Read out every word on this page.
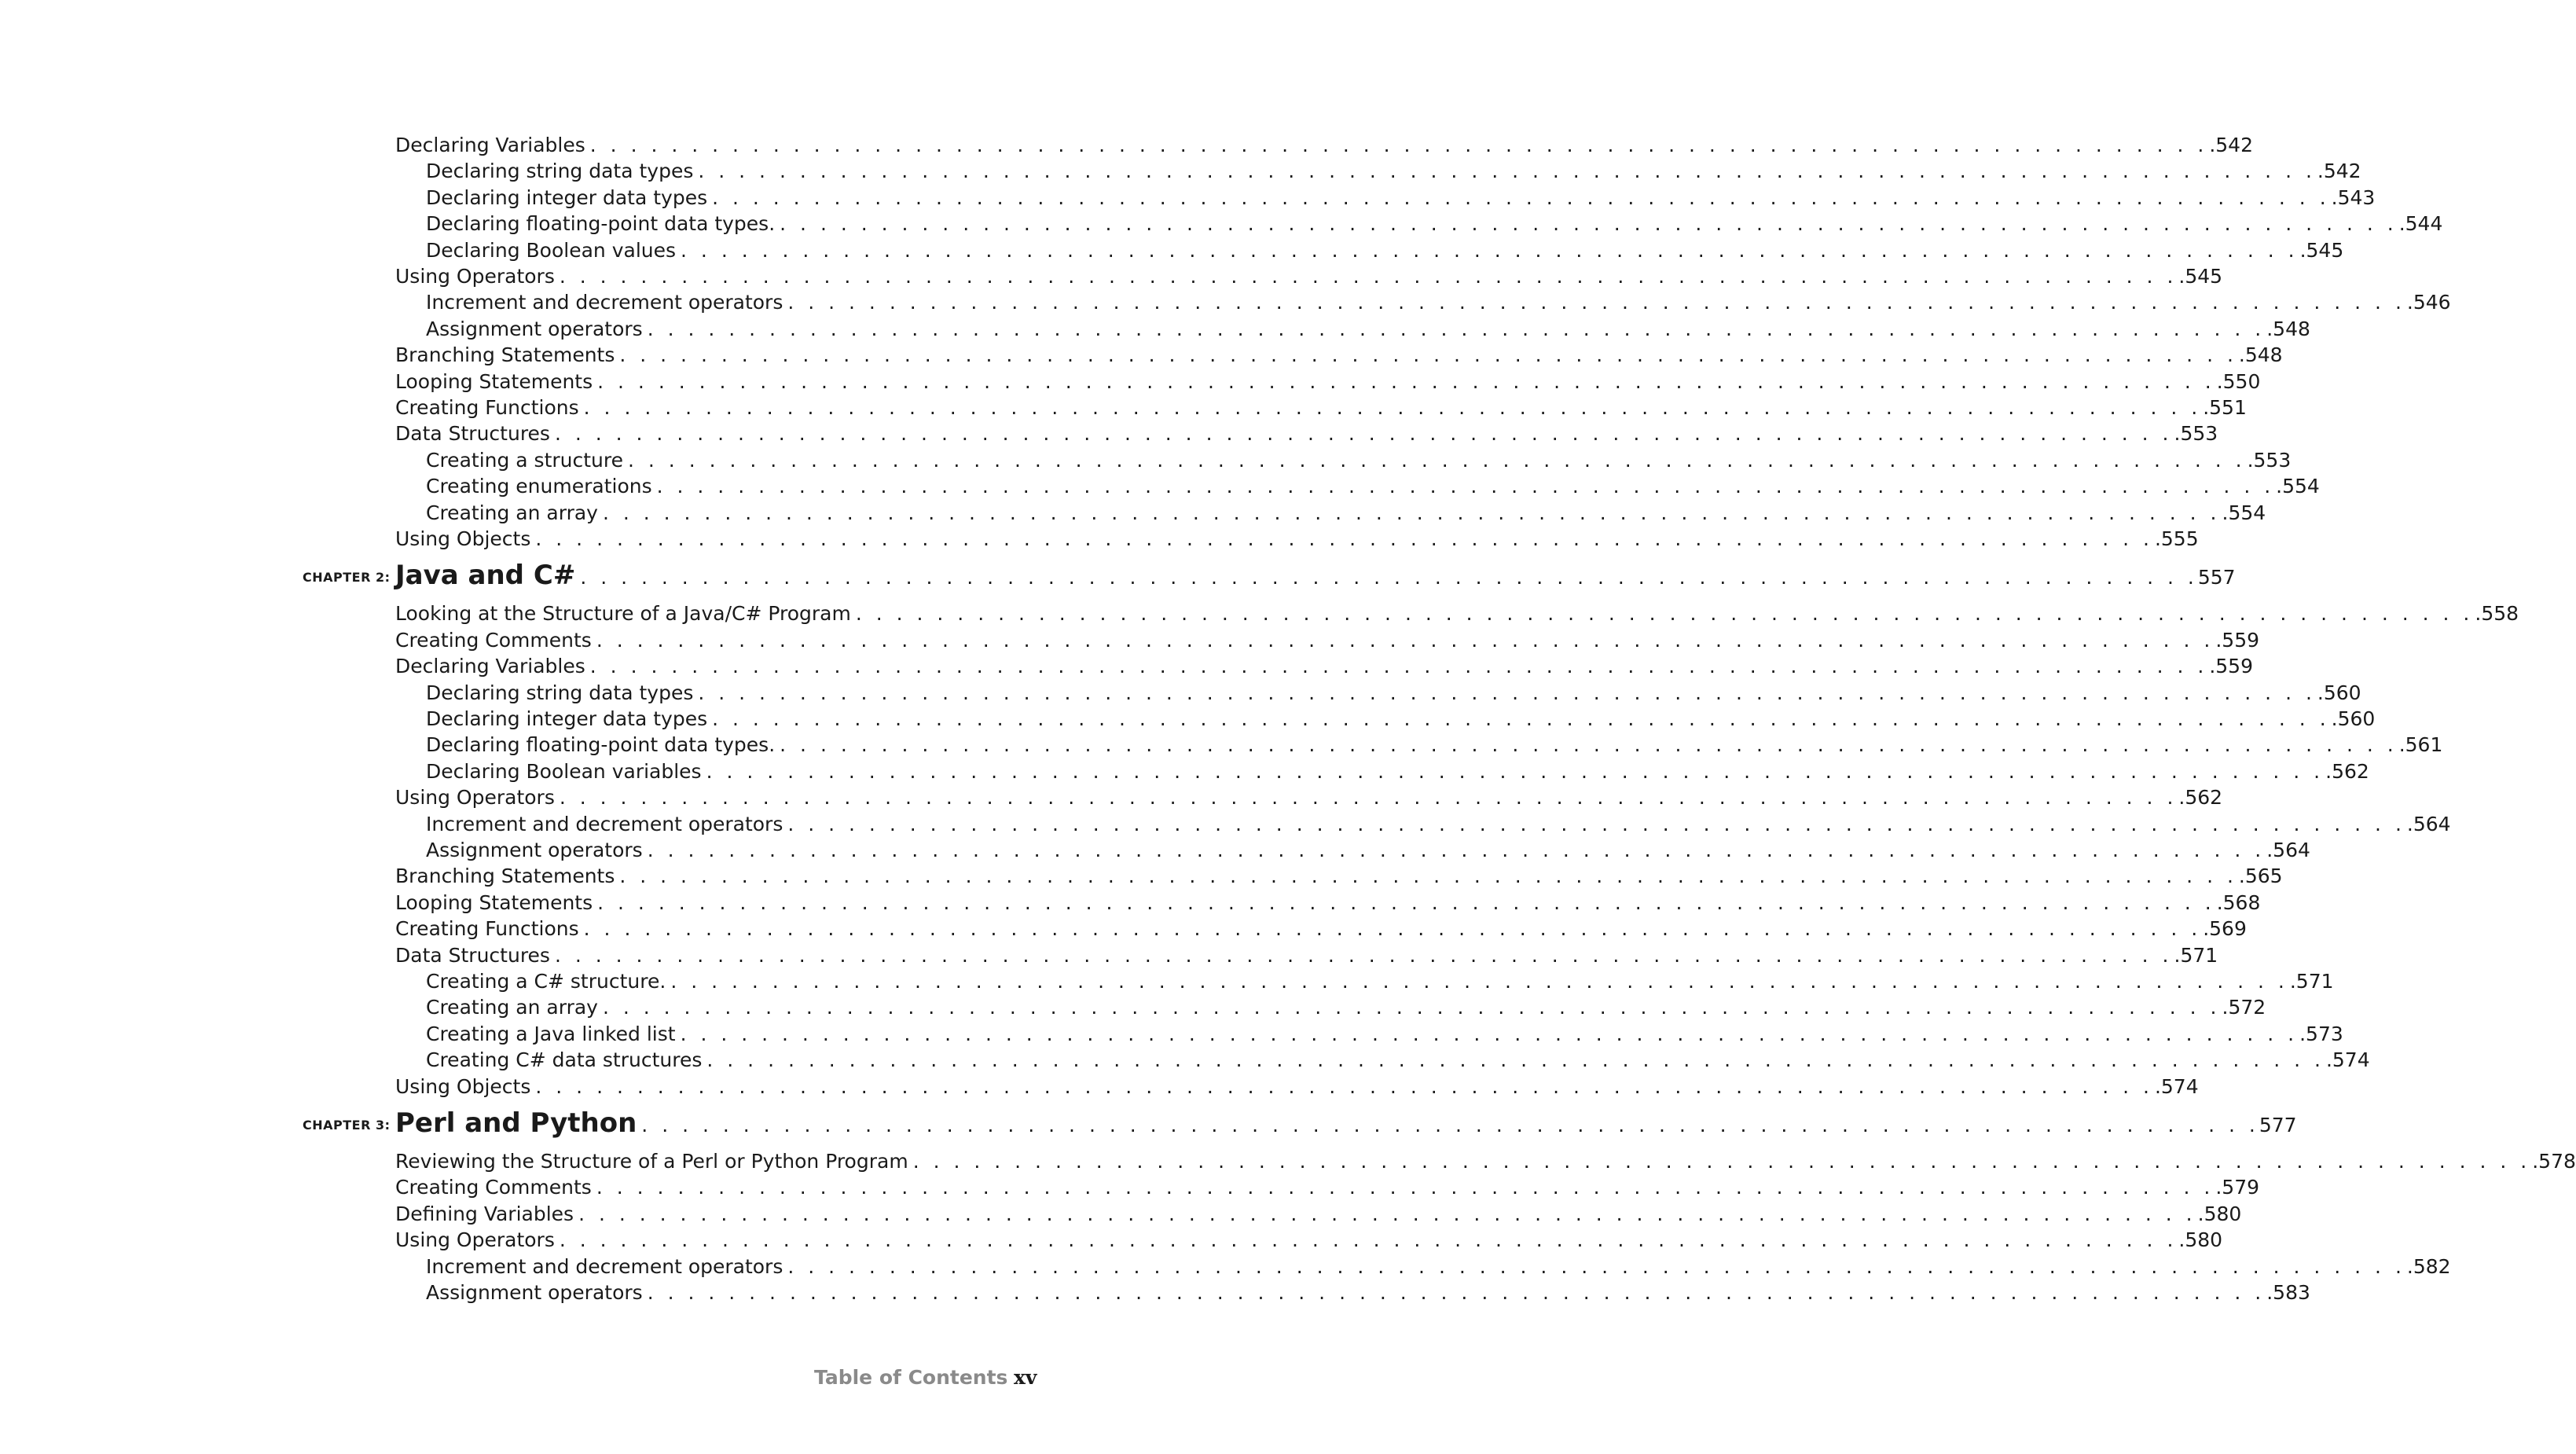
Declaring Variables . . . . . . . . . . . . . . . . . . . . . . . . . . . . . . . . . . . . . . . . . . . . . . . . . . . . . . . . . . . . . . . . . . . . . . . . . . . . . . . . .542
Declaring string data types . . . . . . . . . . . . . . . . . . . . . . . . . . . . . . . . . . . . . . . . . . . . . . . . . . . . . . . . . . . . . . . . . . . . . . . . . . . . . . . . .542
Declaring integer data types . . . . . . . . . . . . . . . . . . . . . . . . . . . . . . . . . . . . . . . . . . . . . . . . . . . . . . . . . . . . . . . . . . . . . . . . . . . . . . . . .543
Declaring floating-point data types. . . . . . . . . . . . . . . . . . . . . . . . . . . . . . . . . . . . . . . . . . . . . . . . . . . . . . . . . . . . . . . . . . . . . . . . . . . . . . . . . .544
Declaring Boolean values . . . . . . . . . . . . . . . . . . . . . . . . . . . . . . . . . . . . . . . . . . . . . . . . . . . . . . . . . . . . . . . . . . . . . . . . . . . . . . . . .545
Using Operators . . . . . . . . . . . . . . . . . . . . . . . . . . . . . . . . . . . . . . . . . . . . . . . . . . . . . . . . . . . . . . . . . . . . . . . . . . . . . . . . .545
Increment and decrement operators . . . . . . . . . . . . . . . . . . . . . . . . . . . . . . . . . . . . . . . . . . . . . . . . . . . . . . . . . . . . . . . . . . . . . . . . . . . . . . . . .546
Assignment operators . . . . . . . . . . . . . . . . . . . . . . . . . . . . . . . . . . . . . . . . . . . . . . . . . . . . . . . . . . . . . . . . . . . . . . . . . . . . . . . . .548
Branching Statements . . . . . . . . . . . . . . . . . . . . . . . . . . . . . . . . . . . . . . . . . . . . . . . . . . . . . . . . . . . . . . . . . . . . . . . . . . . . . . . . .548
Looping Statements . . . . . . . . . . . . . . . . . . . . . . . . . . . . . . . . . . . . . . . . . . . . . . . . . . . . . . . . . . . . . . . . . . . . . . . . . . . . . . . . .550
Creating Functions . . . . . . . . . . . . . . . . . . . . . . . . . . . . . . . . . . . . . . . . . . . . . . . . . . . . . . . . . . . . . . . . . . . . . . . . . . . . . . . . .551
Data Structures . . . . . . . . . . . . . . . . . . . . . . . . . . . . . . . . . . . . . . . . . . . . . . . . . . . . . . . . . . . . . . . . . . . . . . . . . . . . . . . . .553
Creating a structure . . . . . . . . . . . . . . . . . . . . . . . . . . . . . . . . . . . . . . . . . . . . . . . . . . . . . . . . . . . . . . . . . . . . . . . . . . . . . . . . .553
Creating enumerations . . . . . . . . . . . . . . . . . . . . . . . . . . . . . . . . . . . . . . . . . . . . . . . . . . . . . . . . . . . . . . . . . . . . . . . . . . . . . . . . .554
Creating an array . . . . . . . . . . . . . . . . . . . . . . . . . . . . . . . . . . . . . . . . . . . . . . . . . . . . . . . . . . . . . . . . . . . . . . . . . . . . . . . . .554
Using Objects . . . . . . . . . . . . . . . . . . . . . . . . . . . . . . . . . . . . . . . . . . . . . . . . . . . . . . . . . . . . . . . . . . . . . . . . . . . . . . . . .555
CHAPTER 2: Java and C# . . . . . . . . . . . . . . . . . . . . . . . . . . . . . . . . . . . . . . . . . . . . . . . . . . . . . . . . . . . . . . . . . . . . . . . . . . . . . . . . 557
Looking at the Structure of a Java/C# Program . . . . . . . . . . . . . . . . . . . . . . . . . . . . . . . . . . . . . . . . . . . . . . . . . . . . . . . . . . . . . . . . . . . . . . . . . . . . . . . . .558
Creating Comments . . . . . . . . . . . . . . . . . . . . . . . . . . . . . . . . . . . . . . . . . . . . . . . . . . . . . . . . . . . . . . . . . . . . . . . . . . . . . . . . .559
Declaring Variables . . . . . . . . . . . . . . . . . . . . . . . . . . . . . . . . . . . . . . . . . . . . . . . . . . . . . . . . . . . . . . . . . . . . . . . . . . . . . . . . .559
Declaring string data types . . . . . . . . . . . . . . . . . . . . . . . . . . . . . . . . . . . . . . . . . . . . . . . . . . . . . . . . . . . . . . . . . . . . . . . . . . . . . . . . .560
Declaring integer data types . . . . . . . . . . . . . . . . . . . . . . . . . . . . . . . . . . . . . . . . . . . . . . . . . . . . . . . . . . . . . . . . . . . . . . . . . . . . . . . . .560
Declaring floating-point data types. . . . . . . . . . . . . . . . . . . . . . . . . . . . . . . . . . . . . . . . . . . . . . . . . . . . . . . . . . . . . . . . . . . . . . . . . . . . . . . . . .561
Declaring Boolean variables . . . . . . . . . . . . . . . . . . . . . . . . . . . . . . . . . . . . . . . . . . . . . . . . . . . . . . . . . . . . . . . . . . . . . . . . . . . . . . . . .562
Using Operators . . . . . . . . . . . . . . . . . . . . . . . . . . . . . . . . . . . . . . . . . . . . . . . . . . . . . . . . . . . . . . . . . . . . . . . . . . . . . . . . .562
Increment and decrement operators . . . . . . . . . . . . . . . . . . . . . . . . . . . . . . . . . . . . . . . . . . . . . . . . . . . . . . . . . . . . . . . . . . . . . . . . . . . . . . . . .564
Assignment operators . . . . . . . . . . . . . . . . . . . . . . . . . . . . . . . . . . . . . . . . . . . . . . . . . . . . . . . . . . . . . . . . . . . . . . . . . . . . . . . . .564
Branching Statements . . . . . . . . . . . . . . . . . . . . . . . . . . . . . . . . . . . . . . . . . . . . . . . . . . . . . . . . . . . . . . . . . . . . . . . . . . . . . . . . .565
Looping Statements . . . . . . . . . . . . . . . . . . . . . . . . . . . . . . . . . . . . . . . . . . . . . . . . . . . . . . . . . . . . . . . . . . . . . . . . . . . . . . . . .568
Creating Functions . . . . . . . . . . . . . . . . . . . . . . . . . . . . . . . . . . . . . . . . . . . . . . . . . . . . . . . . . . . . . . . . . . . . . . . . . . . . . . . . .569
Data Structures . . . . . . . . . . . . . . . . . . . . . . . . . . . . . . . . . . . . . . . . . . . . . . . . . . . . . . . . . . . . . . . . . . . . . . . . . . . . . . . . .571
Creating a C# structure. . . . . . . . . . . . . . . . . . . . . . . . . . . . . . . . . . . . . . . . . . . . . . . . . . . . . . . . . . . . . . . . . . . . . . . . . . . . . . . . . .571
Creating an array . . . . . . . . . . . . . . . . . . . . . . . . . . . . . . . . . . . . . . . . . . . . . . . . . . . . . . . . . . . . . . . . . . . . . . . . . . . . . . . . .572
Creating a Java linked list . . . . . . . . . . . . . . . . . . . . . . . . . . . . . . . . . . . . . . . . . . . . . . . . . . . . . . . . . . . . . . . . . . . . . . . . . . . . . . . . .573
Creating C# data structures . . . . . . . . . . . . . . . . . . . . . . . . . . . . . . . . . . . . . . . . . . . . . . . . . . . . . . . . . . . . . . . . . . . . . . . . . . . . . . . . .574
Using Objects . . . . . . . . . . . . . . . . . . . . . . . . . . . . . . . . . . . . . . . . . . . . . . . . . . . . . . . . . . . . . . . . . . . . . . . . . . . . . . . . .574
CHAPTER 3: Perl and Python . . . . . . . . . . . . . . . . . . . . . . . . . . . . . . . . . . . . . . . . . . . . . . . . . . . . . . . . . . . . . . . . . . . . . . . . . . . . . . . . 577
Reviewing the Structure of a Perl or Python Program . . . . . . . . . . . . . . . . . . . . . . . . . . . . . . . . . . . . . . . . . . . . . . . . . . . . . . . . . . . . . . . . . . . . . . . . . . . . . . . . .578
Creating Comments . . . . . . . . . . . . . . . . . . . . . . . . . . . . . . . . . . . . . . . . . . . . . . . . . . . . . . . . . . . . . . . . . . . . . . . . . . . . . . . . .579
Defining Variables . . . . . . . . . . . . . . . . . . . . . . . . . . . . . . . . . . . . . . . . . . . . . . . . . . . . . . . . . . . . . . . . . . . . . . . . . . . . . . . . .580
Using Operators . . . . . . . . . . . . . . . . . . . . . . . . . . . . . . . . . . . . . . . . . . . . . . . . . . . . . . . . . . . . . . . . . . . . . . . . . . . . . . . . .580
Increment and decrement operators . . . . . . . . . . . . . . . . . . . . . . . . . . . . . . . . . . . . . . . . . . . . . . . . . . . . . . . . . . . . . . . . . . . . . . . . . . . . . . . . .582
Assignment operators . . . . . . . . . . . . . . . . . . . . . . . . . . . . . . . . . . . . . . . . . . . . . . . . . . . . . . . . . . . . . . . . . . . . . . . . . . . . . . . . .583
Table of Contents xv
